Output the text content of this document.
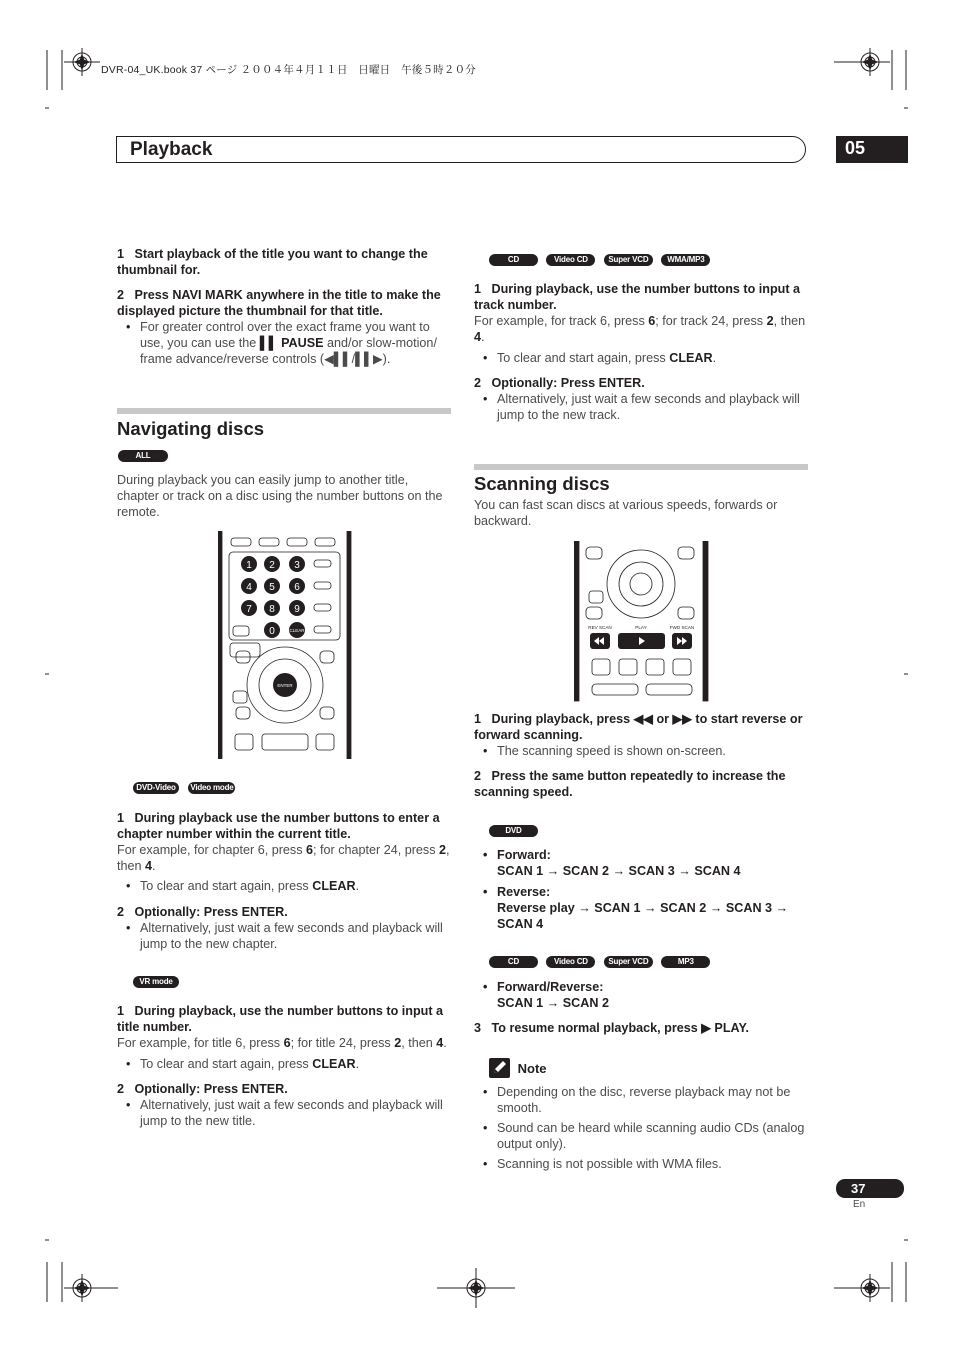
DVR-04_UK.book 37 ページ ２００４年４月１１日　日曜日　午後５時２０分
Playback	05

1   Start playback of the title you want to change the thumbnail for.

2   Press NAVI MARK anywhere in the title to make the displayed picture the thumbnail for that title.

• For greater control over the exact frame you want to use, you can use the ▌▌ PAUSE and/or slow-motion/ frame advance/reverse controls (◀▌▌/▌▌▶).
Navigating discs
ALL
During playback you can easily jump to another title, chapter or track on a disc using the number buttons on the remote.
1 2 3
4 5 6
7 8 9
0	CLEAR
ENTER
DVD-Video Video mode

1   During playback use the number buttons to enter a chapter number within the current title.

For example, for chapter 6, press 6; for chapter 24, press 2, then 4.

• To clear and start again, press CLEAR.

2   Optionally: Press ENTER.

• Alternatively, just wait a few seconds and playback will jump to the new chapter.
VR mode

1   During playback, use the number buttons to input a title number.

For example, for title 6, press 6; for title 24, press 2, then 4.

• To clear and start again, press CLEAR.

2   Optionally: Press ENTER.

• Alternatively, just wait a few seconds and playback will jump to the new title.
CD	Video CD	Super VCD WMA/MP3

1   During playback, use the number buttons to input a track number.

For example, for track 6, press 6; for track 24, press 2, then 4.

• To clear and start again, press CLEAR.

2   Optionally: Press ENTER.

• Alternatively, just wait a few seconds and playback will jump to the new track.
Scanning discs
You can fast scan discs at various speeds, forwards or backward.
REV SCAN	PLAY	FWD SCAN

1   During playback, press ◀◀ or ▶▶ to start reverse or forward scanning.

• The scanning speed is shown on-screen.

2   Press the same button repeatedly to increase the scanning speed.

DVD
• Forward:
SCAN 1 → SCAN 2 → SCAN 3 → SCAN 4
• Reverse:
Reverse play → SCAN 1 → SCAN 2 → SCAN 3 → SCAN 4
CD	Video CD	Super VCD	MP3
• Forward/Reverse:
SCAN 1 → SCAN 2

3   To resume normal playback, press ▶ PLAY.

Note
• Depending on the disc, reverse playback may not be smooth.
• Sound can be heard while scanning audio CDs (analog output only).
• Scanning is not possible with WMA files.
37
En
